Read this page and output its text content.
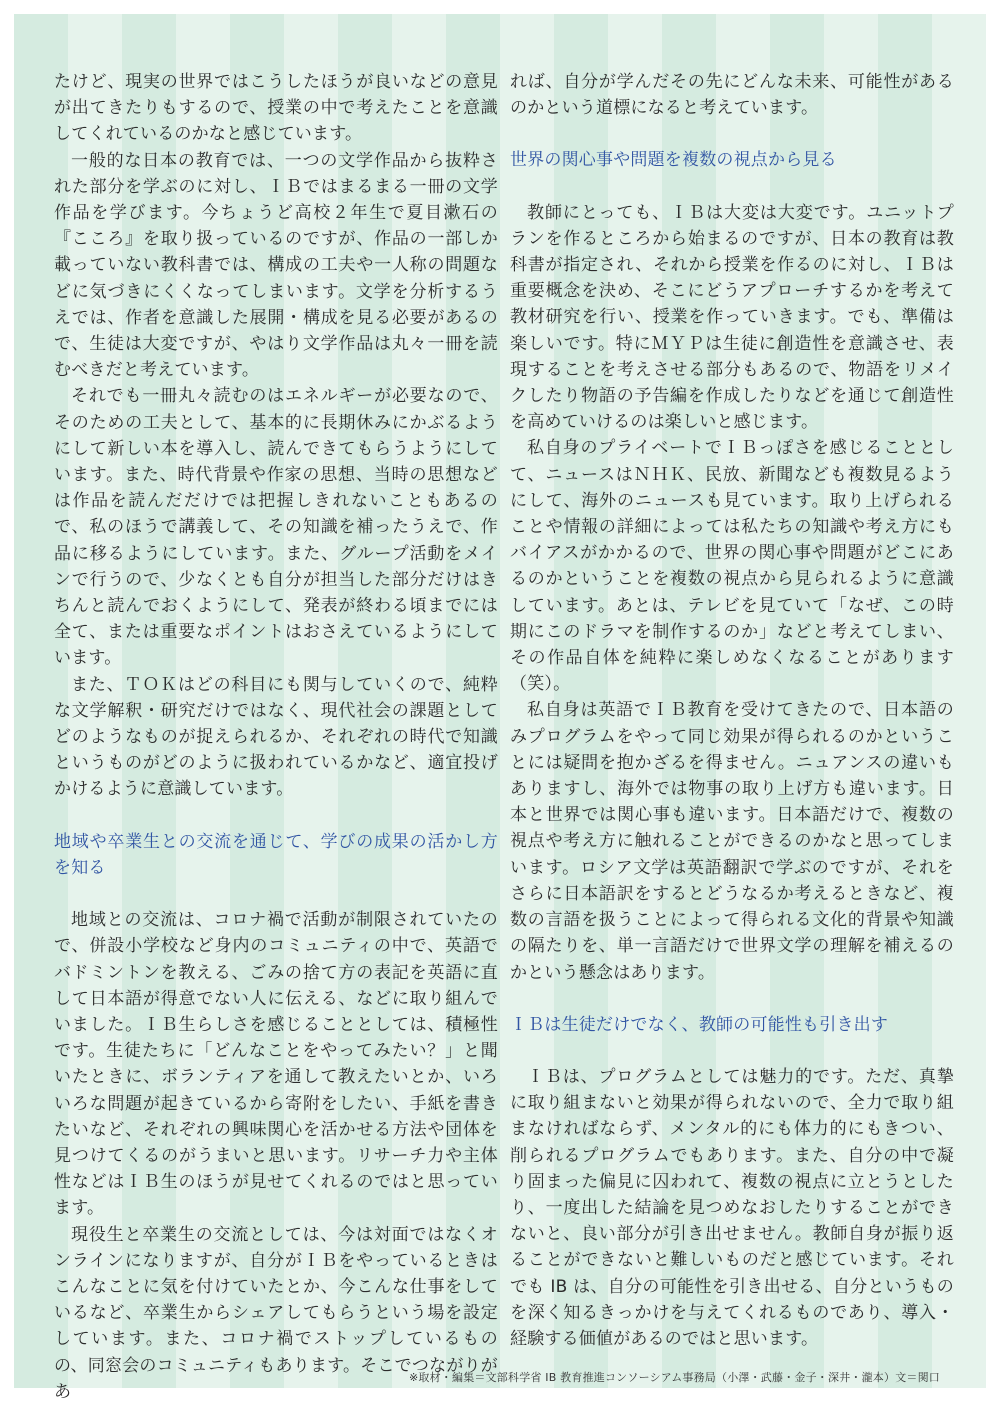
たけど、現実の世界ではこうしたほうが良いなどの意見が出てきたりもするので、授業の中で考えたことを意識してくれているのかなと感じています。

一般的な日本の教育では、一つの文学作品から抜粋された部分を学ぶのに対し、ＩＢではまるまる一冊の文学作品を学びます。今ちょうど高校２年生で夏目漱石の『こころ』を取り扱っているのですが、作品の一部しか載っていない教科書では、構成の工夫や一人称の問題などに気づきにくくなってしまいます。文学を分析するうえでは、作者を意識した展開・構成を見る必要があるので、生徒は大変ですが、やはり文学作品は丸々一冊を読むべきだと考えています。

それでも一冊丸々読むのはエネルギーが必要なので、そのための工夫として、基本的に長期休みにかぶるようにして新しい本を導入し、読んできてもらうようにしています。また、時代背景や作家の思想、当時の思想などは作品を読んだだけでは把握しきれないこともあるので、私のほうで講義して、その知識を補ったうえで、作品に移るようにしています。また、グループ活動をメインで行うので、少なくとも自分が担当した部分だけはきちんと読んでおくようにして、発表が終わる頃までには全て、または重要なポイントはおさえているようにしています。

また、ＴＯＫはどの科目にも関与していくので、純粋な文学解釈・研究だけではなく、現代社会の課題としてどのようなものが捉えられるか、それぞれの時代で知識というものがどのように扱われているかなど、適宜投げかけるように意識しています。

地域や卒業生との交流を通じて、学びの成果の活かし方を知る

地域との交流は、コロナ禍で活動が制限されていたので、併設小学校など身内のコミュニティの中で、英語でバドミントンを教える、ごみの捨て方の表記を英語に直して日本語が得意でない人に伝える、などに取り組んでいました。ＩＢ生らしさを感じることとしては、積極性です。生徒たちに「どんなことをやってみたい？」と聞いたときに、ボランティアを通して教えたいとか、いろいろな問題が起きているから寄附をしたい、手紙を書きたいなど、それぞれの興味関心を活かせる方法や団体を見つけてくるのがうまいと思います。リサーチ力や主体性などはＩＢ生のほうが見せてくれるのではと思っています。

現役生と卒業生の交流としては、今は対面ではなくオンラインになりますが、自分がＩＢをやっているときはこんなことに気を付けていたとか、今こんな仕事をしているなど、卒業生からシェアしてもらうという場を設定しています。また、コロナ禍でストップしているものの、同窓会のコミュニティもあります。そこでつながりがあ

れば、自分が学んだその先にどんな未来、可能性があるのかという道標になると考えています。

世界の関心事や問題を複数の視点から見る

教師にとっても、ＩＢは大変は大変です。ユニットプランを作るところから始まるのですが、日本の教育は教科書が指定され、それから授業を作るのに対し、ＩＢは重要概念を決め、そこにどうアプローチするかを考えて教材研究を行い、授業を作っていきます。でも、準備は楽しいです。特にＭＹＰは生徒に創造性を意識させ、表現することを考えさせる部分もあるので、物語をリメイクしたり物語の予告編を作成したりなどを通じて創造性を高めていけるのは楽しいと感じます。

私自身のプライベートでＩＢっぽさを感じることとして、ニュースはＮＨＫ、民放、新聞なども複数見るようにして、海外のニュースも見ています。取り上げられることや情報の詳細によっては私たちの知識や考え方にもバイアスがかかるので、世界の関心事や問題がどこにあるのかということを複数の視点から見られるように意識しています。あとは、テレビを見ていて「なぜ、この時期にこのドラマを制作するのか」などと考えてしまい、その作品自体を純粋に楽しめなくなることがあります（笑）。

私自身は英語でＩＢ教育を受けてきたので、日本語のみプログラムをやって同じ効果が得られるのかということには疑問を抱かざるを得ません。ニュアンスの違いもありますし、海外では物事の取り上げ方も違います。日本と世界では関心事も違います。日本語だけで、複数の視点や考え方に触れることができるのかなと思ってしまいます。ロシア文学は英語翻訳で学ぶのですが、それをさらに日本語訳をするとどうなるか考えるときなど、複数の言語を扱うことによって得られる文化的背景や知識の隔たりを、単一言語だけで世界文学の理解を補えるのかという懸念はあります。

ＩＢは生徒だけでなく、教師の可能性も引き出す

ＩＢは、プログラムとしては魅力的です。ただ、真摯に取り組まないと効果が得られないので、全力で取り組まなければならず、メンタル的にも体力的にもきつい、削られるプログラムでもあります。また、自分の中で凝り固まった偏見に囚われて、複数の視点に立とうとしたり、一度出した結論を見つめなおしたりすることができないと、良い部分が引き出せません。教師自身が振り返ることができないと難しいものだと感じています。それでも IB は、自分の可能性を引き出せる、自分というものを深く知るきっかけを与えてくれるものであり、導入・経験する価値があるのではと思います。

※取材・編集＝文部科学省 IB 教育推進コンソーシアム事務局（小澤・武藤・金子・深井・瀧本）文＝関口
